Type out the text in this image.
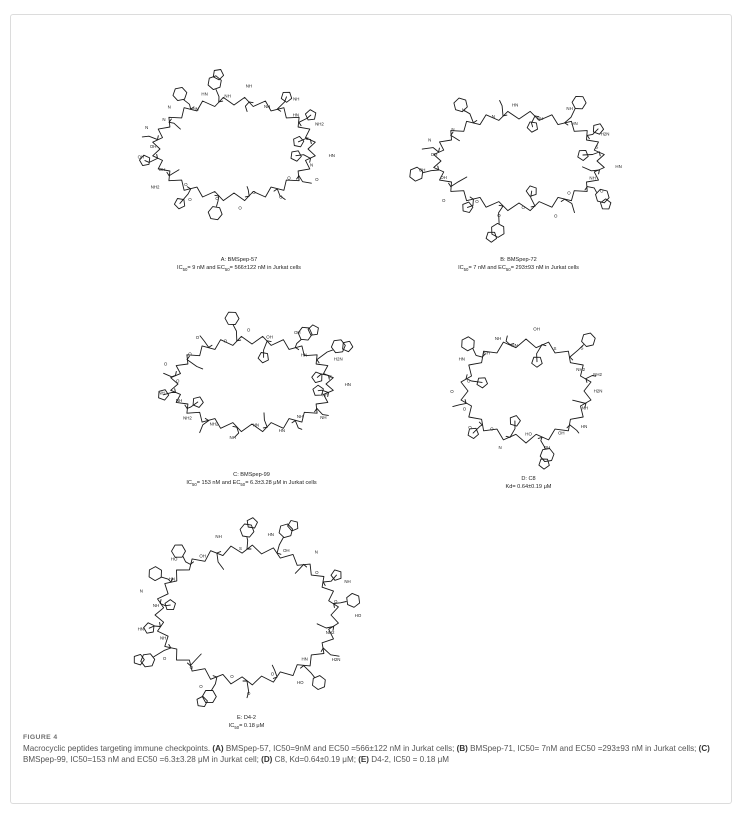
HN
N
O
O
O
O
O
O
O
O
NH2
OH
OH
OH
N
N
N	HN
HN	NH
NH
NH
NH
HN
NH2
S
A: BMSpep-57
$IC_{50}= 9$ nM and $EC_{50}= 566\pm 122$ nM in Jurkat cells
HN
NH
O
O
O
O
O
O
O
OH
OH
OH
N
N
N
N
HN
NH
NH
HN
H2N
S
B: BMSpep-72
$IC_{50}= 7$ nM and $EC_{50}= 293\pm 93$ nM in Jurkat cells
HN
NH
NH
NH
HN
HN
NH
NH2
NH2
NH
NH
O
O
O
O
O
O
OH
OH
HN
H2N
S
C: BMSpep-99
$IC_{50}= 153$ nM and $EC_{50}= 6.3\pm 3.28$ μM in Jurkat cells
H2N
NH
HN
OH
OH
HO
N
O
O
O
O
O
HN
NH
NH
HN
OH
S	S
NH2
NH2
D: C8
Kd= 0.64±0.19 μM
HO
NH2
H2N
HN
HO
O
O
O
O
O
O
NH
HN
NH
N
HN
HO
OH
NH
S
HN
OH	N
O
NH
O
E: D4-2
$IC_{50}= 0.18$ μM
FIGURE 4
Macrocyclic peptides targeting immune checkpoints. (A) BMSpep-57, IC50=9nM and EC50 =566±122 nM in Jurkat cells; (B) BMSpep-71, IC50= 7nM and EC50 =293±93 nM in Jurkat cells; (C) BMSpep-99, IC50=153 nM and EC50 =6.3±3.28 μM in Jurkat cell; (D) C8, Kd=0.64±0.19 μM; (E) D4-2, IC50 = 0.18 μM
